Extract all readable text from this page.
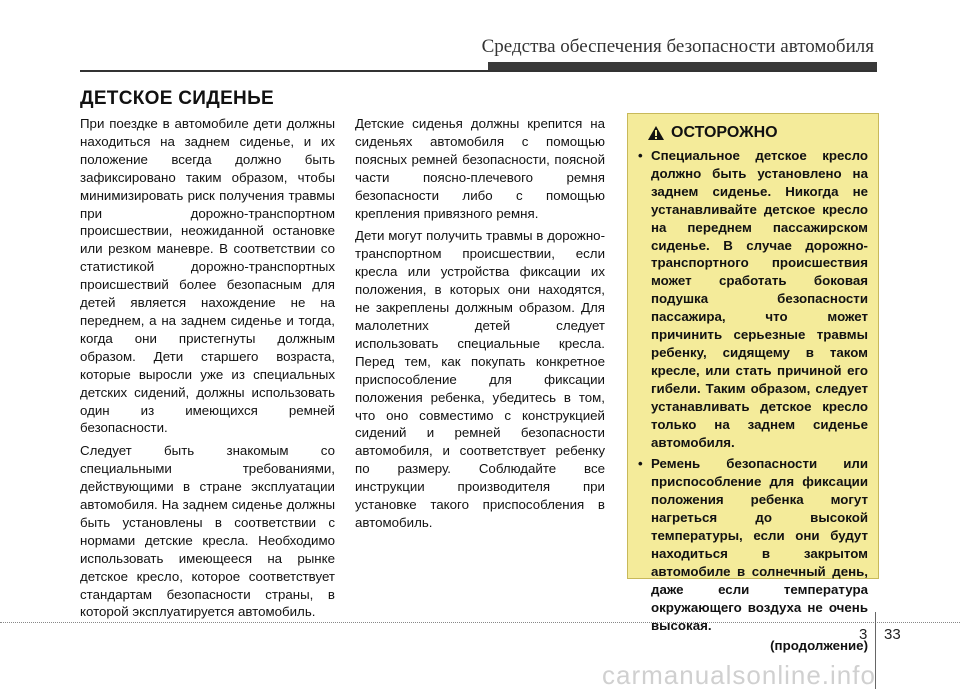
Средства обеспечения безопасности автомобиля
ДЕТСКОЕ СИДЕНЬЕ

При поездке в автомобиле дети должны находиться на заднем сиденье, и их положение всегда должно быть зафиксировано таким образом, чтобы минимизировать риск получения травмы при дорожно-транспортном происшествии, неожиданной остановке или резком маневре. В соответствии со статистикой дорожно-транспортных происшествий более безопасным для детей является нахождение не на переднем, а на заднем сиденье и тогда, когда они пристегнуты должным образом. Дети старшего возраста, которые выросли уже из специальных детских сидений, должны использовать один из имеющихся ремней безопасности.

Следует быть знакомым со специальными требованиями, действующими в стране эксплуатации автомобиля. На заднем сиденье должны быть установлены в соответствии с нормами детские кресла. Необходимо использовать имеющееся на рынке детское кресло, которое соответствует стандартам безопасности страны, в которой эксплуатируется автомобиль.

Детские сиденья должны крепится на сиденьях автомобиля с помощью поясных ремней безопасности, поясной части поясно-плечевого ремня безопасности либо с помощью крепления привязного ремня.

Дети могут получить травмы в дорожно-транспортном происшествии, если кресла или устройства фиксации их положения, в которых они находятся, не закреплены должным образом. Для малолетних детей следует использовать специальные кресла. Перед тем, как покупать конкретное приспособление для фиксации положения ребенка, убедитесь в том, что оно совместимо с конструкцией сидений и ремней безопасности автомобиля, и соответствует ребенку по размеру. Соблюдайте все инструкции производителя при установке такого приспособления в автомобиль.

ОСТОРОЖНО
• Специальное детское кресло должно быть установлено на заднем сиденье. Никогда не устанавливайте детское кресло на переднем пассажирском сиденье. В случае дорожно-транспортного происшествия может сработать боковая подушка безопасности пассажира, что может причинить серьезные травмы ребенку, сидящему в таком кресле, или стать причиной его гибели. Таким образом, следует устанавливать детское кресло только на заднем сиденье автомобиля.
• Ремень безопасности или приспособление для фиксации положения ребенка могут нагреться до высокой температуры, если они будут находиться в закрытом автомобиле в солнечный день, даже если температура окружающего воздуха не очень высокая.
(продолжение)
3 33
carmanualsonline.info
